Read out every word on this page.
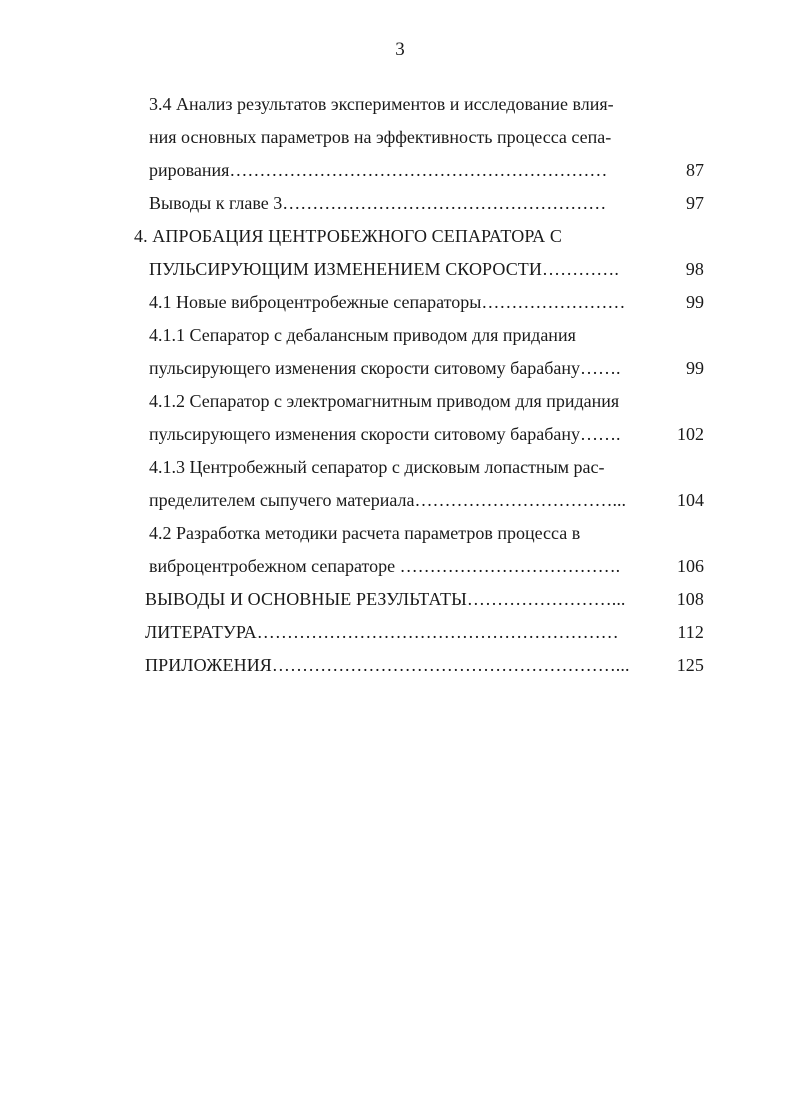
3
3.4 Анализ результатов экспериментов и исследование влия-
ния основных параметров на эффективность процесса сепа-
рирования………………………………………………………	87
Выводы к главе 3………………………………………………	97
4. АПРОБАЦИЯ ЦЕНТРОБЕЖНОГО СЕПАРАТОРА С
ПУЛЬСИРУЮЩИМ ИЗМЕНЕНИЕМ СКОРОСТИ………….	98
4.1 Новые виброцентробежные сепараторы……………………	99
4.1.1 Сепаратор с дебалансным приводом для придания
пульсирующего изменения скорости ситовому барабану…….	99
4.1.2 Сепаратор с электромагнитным приводом для придания
пульсирующего изменения скорости ситовому барабану…….	102
4.1.3 Центробежный сепаратор с дисковым лопастным рас-
пределителем сыпучего материала……………………………...	104
4.2 Разработка методики расчета параметров процесса в
виброцентробежном сепараторе ……………………………….	106
ВЫВОДЫ И ОСНОВНЫЕ РЕЗУЛЬТАТЫ……………………...	108
ЛИТЕРАТУРА……………………………………………………	112
ПРИЛОЖЕНИЯ…………………………………………………...	125
